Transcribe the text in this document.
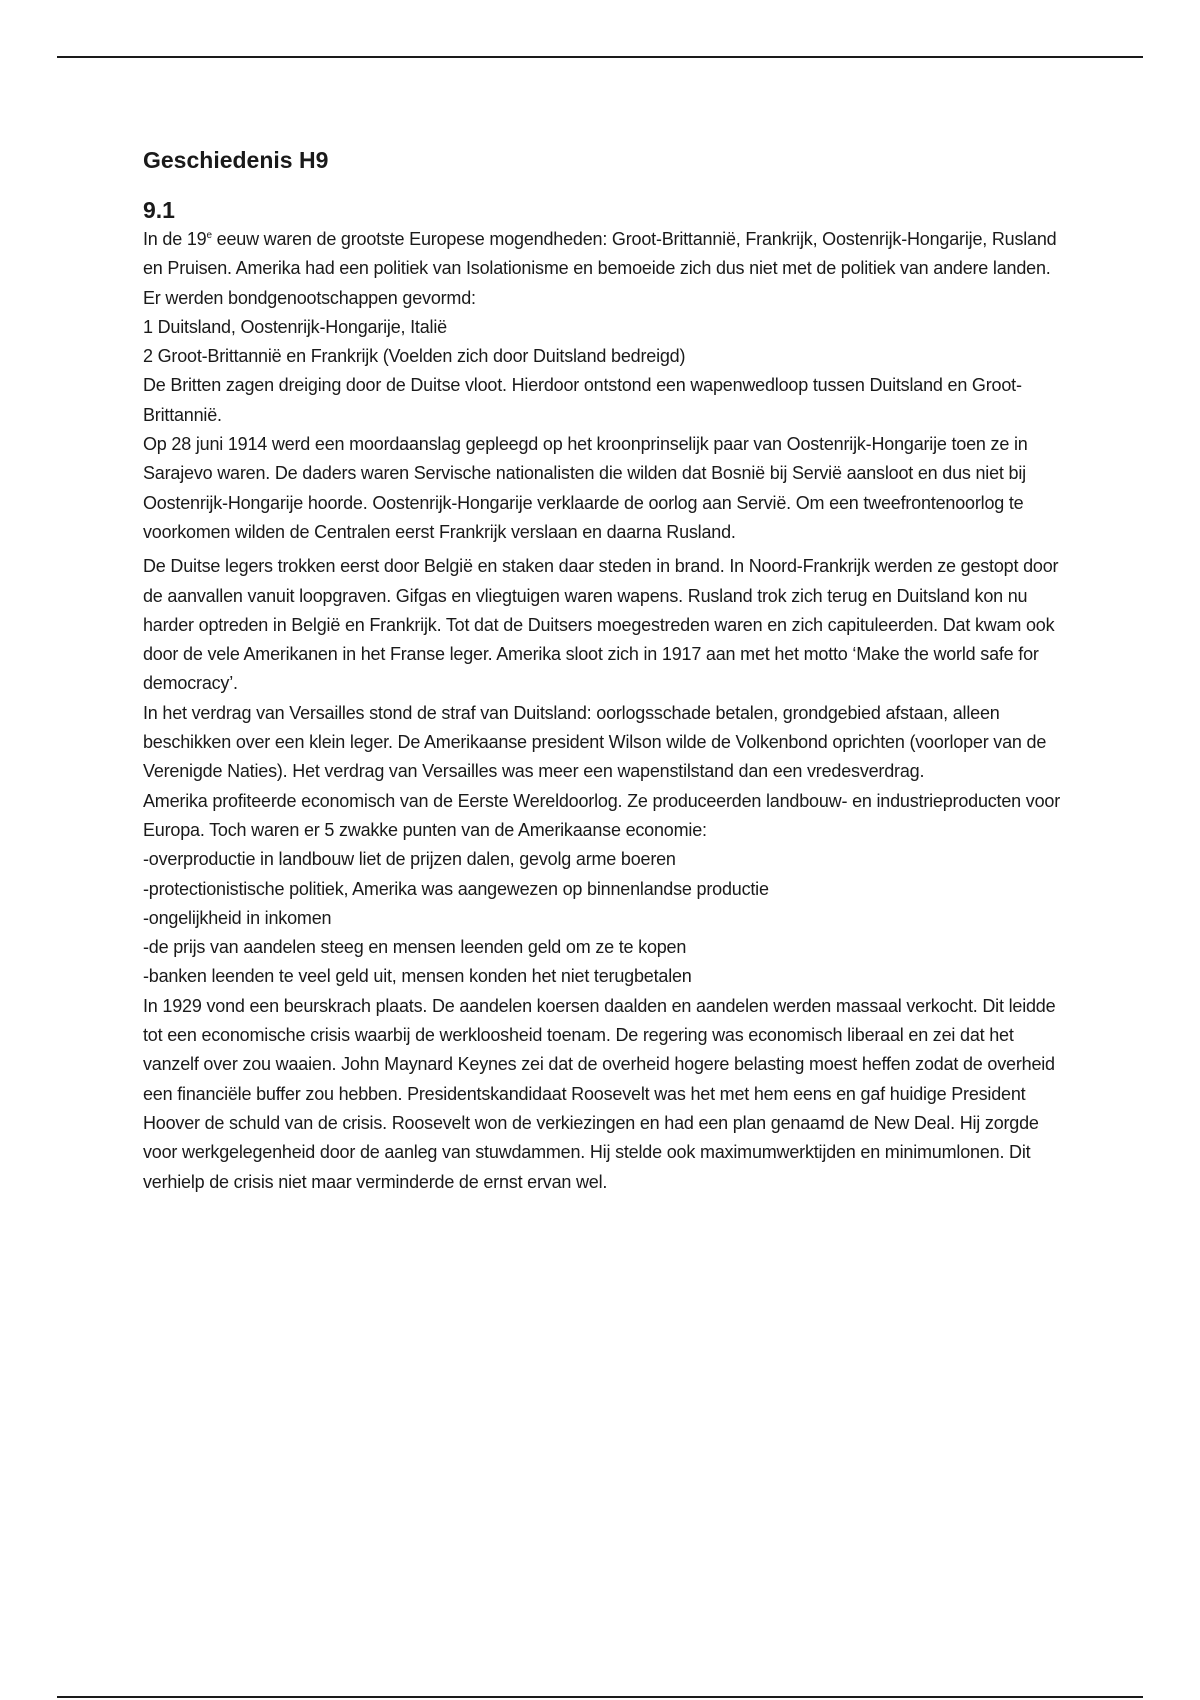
Geschiedenis H9
9.1

In de 19e eeuw waren de grootste Europese mogendheden: Groot-Brittannië, Frankrijk, Oostenrijk-Hongarije, Rusland en Pruisen. Amerika had een politiek van Isolationisme en bemoeide zich dus niet met de politiek van andere landen. Er werden bondgenootschappen gevormd:

1 Duitsland, Oostenrijk-Hongarije, Italië

2 Groot-Brittannië en Frankrijk (Voelden zich door Duitsland bedreigd)

De Britten zagen dreiging door de Duitse vloot. Hierdoor ontstond een wapenwedloop tussen Duitsland en Groot-Brittannië.

Op 28 juni 1914 werd een moordaanslag gepleegd op het kroonprinselijk paar van Oostenrijk-Hongarije toen ze in Sarajevo waren. De daders waren Servische nationalisten die wilden dat Bosnië bij Servië aansloot en dus niet bij Oostenrijk-Hongarije hoorde. Oostenrijk-Hongarije verklaarde de oorlog aan Servië. Om een tweefrontenoorlog te voorkomen wilden de Centralen eerst Frankrijk verslaan en daarna Rusland.

De Duitse legers trokken eerst door België en staken daar steden in brand. In Noord-Frankrijk werden ze gestopt door de aanvallen vanuit loopgraven. Gifgas en vliegtuigen waren wapens. Rusland trok zich terug en Duitsland kon nu harder optreden in België en Frankrijk. Tot dat de Duitsers moegestreden waren en zich capituleerden. Dat kwam ook door de vele Amerikanen in het Franse leger. Amerika sloot zich in 1917 aan met het motto ‘Make the world safe for democracy’.

In het verdrag van Versailles stond de straf van Duitsland: oorlogsschade betalen, grondgebied afstaan, alleen beschikken over een klein leger. De Amerikaanse president Wilson wilde de Volkenbond oprichten (voorloper van de Verenigde Naties). Het verdrag van Versailles was meer een wapenstilstand dan een vredesverdrag.

Amerika profiteerde economisch van de Eerste Wereldoorlog. Ze produceerden landbouw- en industrieproducten voor Europa. Toch waren er 5 zwakke punten van de Amerikaanse economie:

-overproductie in landbouw liet de prijzen dalen, gevolg arme boeren

-protectionistische politiek, Amerika was aangewezen op binnenlandse productie

-ongelijkheid in inkomen

-de prijs van aandelen steeg en mensen leenden geld om ze te kopen

-banken leenden te veel geld uit, mensen konden het niet terugbetalen

In 1929 vond een beurskrach plaats. De aandelen koersen daalden en aandelen werden massaal verkocht. Dit leidde tot een economische crisis waarbij de werkloosheid toenam. De regering was economisch liberaal en zei dat het vanzelf over zou waaien. John Maynard Keynes zei dat de overheid hogere belasting moest heffen zodat de overheid een financiële buffer zou hebben. Presidentskandidaat Roosevelt was het met hem eens en gaf huidige President Hoover de schuld van de crisis. Roosevelt won de verkiezingen en had een plan genaamd de New Deal. Hij zorgde voor werkgelegenheid door de aanleg van stuwdammen. Hij stelde ook maximumwerktijden en minimumlonen. Dit verhielp de crisis niet maar verminderde de ernst ervan wel.
